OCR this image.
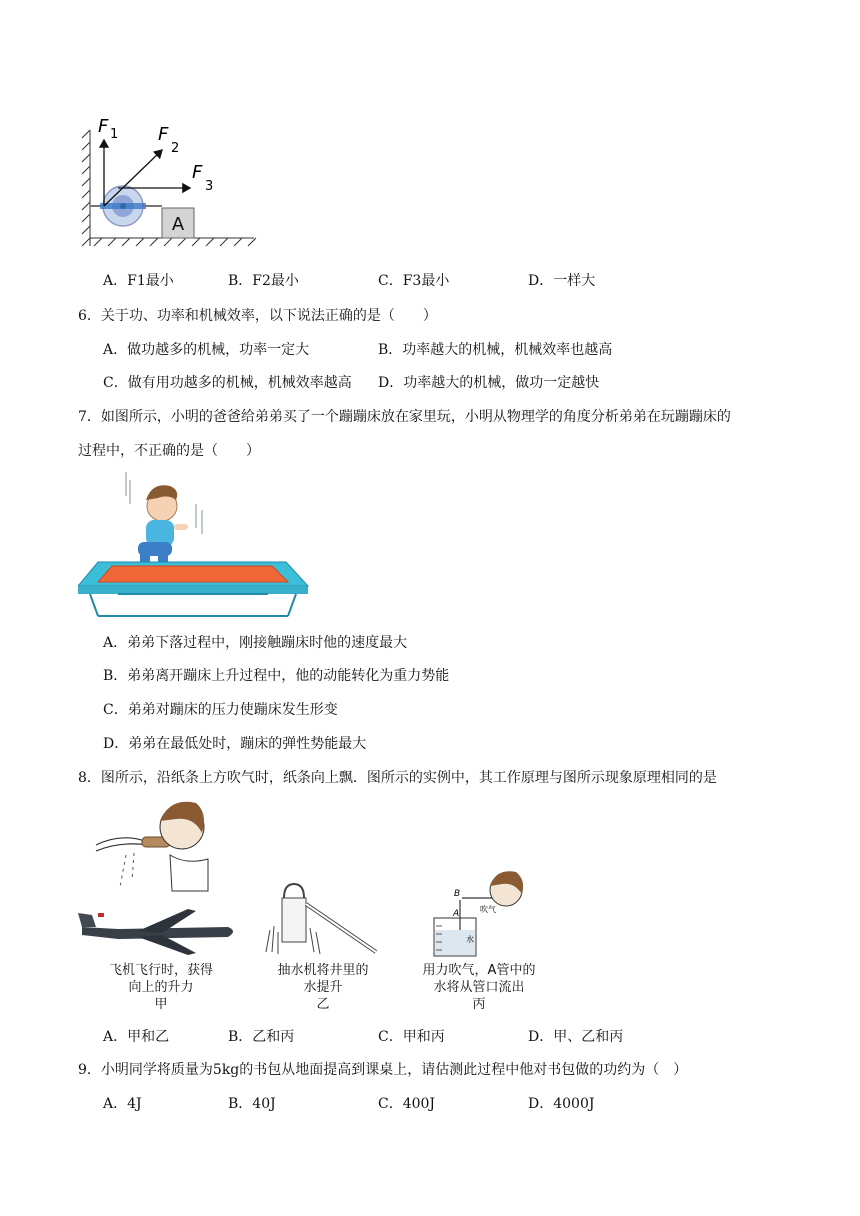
A
F 1 F
2
F
3
A．F1最小	B．F2最小	C．F3最小	D．一样大
6．关于功、功率和机械效率，以下说法正确的是（　　）
A．做功越多的机械，功率一定大	B．功率越大的机械，机械效率也越高
C．做有用功越多的机械，机械效率越高 D．功率越大的机械，做功一定越快
7．如图所示，小明的爸爸给弟弟买了一个蹦蹦床放在家里玩，小明从物理学的角度分析弟弟在玩蹦蹦床的
过程中，不正确的是（　　）
A．弟弟下落过程中，刚接触蹦床时他的速度最大
B．弟弟离开蹦床上升过程中，他的动能转化为重力势能
C．弟弟对蹦床的压力使蹦床发生形变
D．弟弟在最低处时，蹦床的弹性势能最大
8．图所示，沿纸条上方吹气时，纸条向上飘．图所示的实例中，其工作原理与图所示现象原理相同的是
飞机飞行时，获得
向上的升力
甲
抽水机将井里的
水提升
乙
B
A	吹气
水
用力吹气，A管中的
水将从管口流出
丙
A．甲和乙	B．乙和丙	C．甲和丙	D．甲、乙和丙
9．小明同学将质量为5kg的书包从地面提高到课桌上，请估测此过程中他对书包做的功约为（　）
A．4J	B．40J	C．400J	D．4000J
